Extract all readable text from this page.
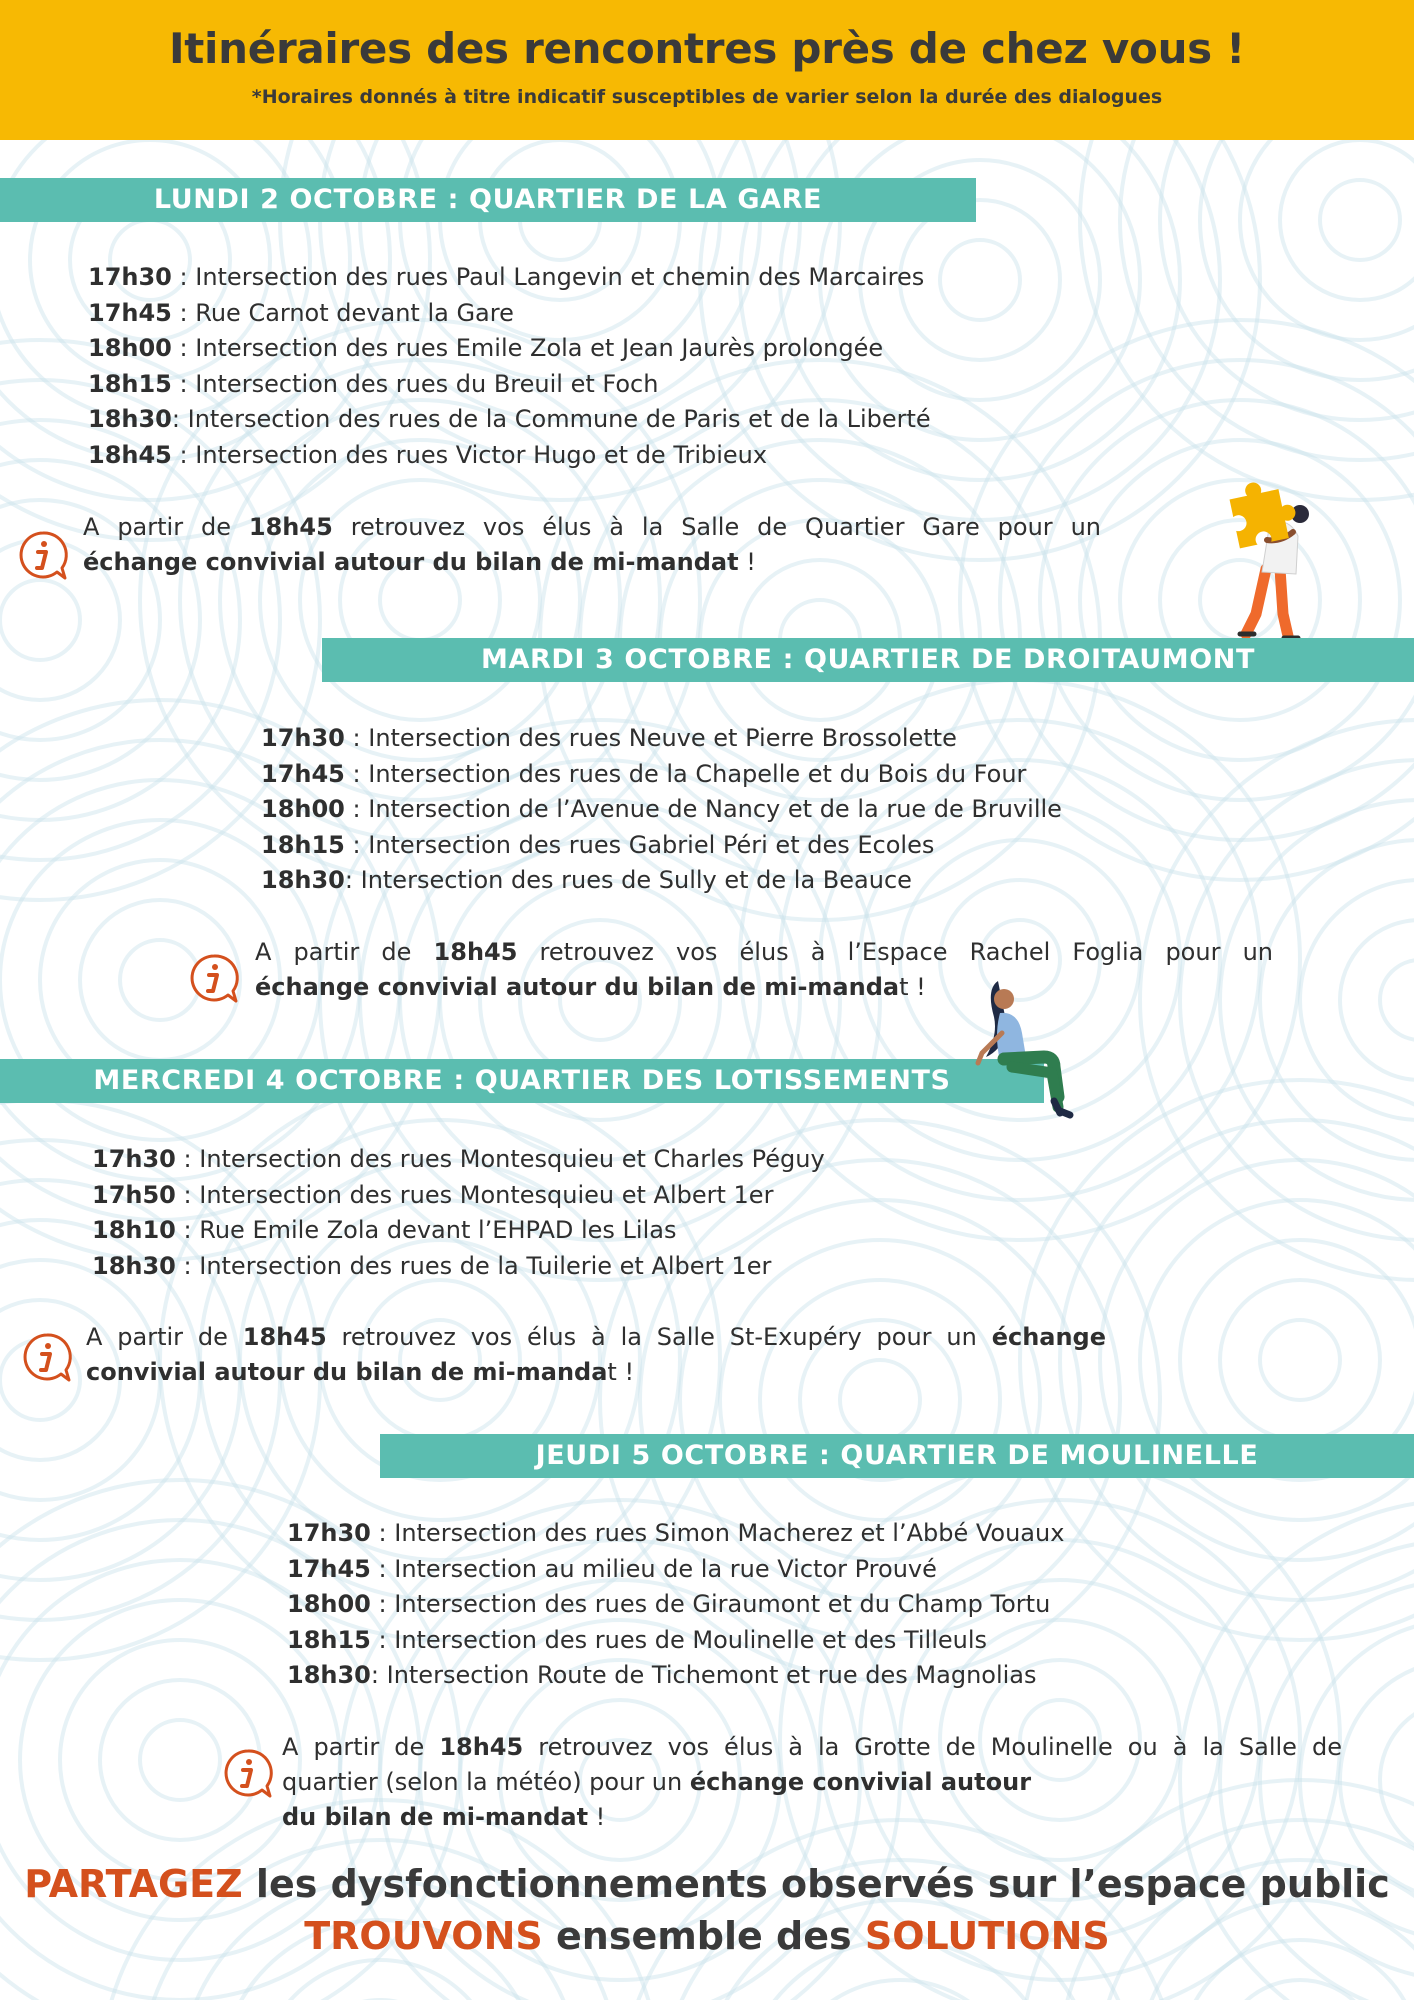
Itinéraires des rencontres près de chez vous !
*Horaires donnés à titre indicatif susceptibles de varier selon la durée des dialogues
LUNDI 2 OCTOBRE : QUARTIER DE LA GARE
17h30 : Intersection des rues Paul Langevin et chemin des Marcaires
17h45 : Rue Carnot devant la Gare
18h00 : Intersection des rues Emile Zola et Jean Jaurès prolongée
18h15 : Intersection des rues du Breuil et Foch
18h30: Intersection des rues de la Commune de Paris et de la Liberté
18h45 : Intersection des rues Victor Hugo et de Tribieux
A partir de 18h45 retrouvez vos élus à la Salle de Quartier Gare pour un
échange convivial autour du bilan de mi-mandat !
MARDI 3 OCTOBRE : QUARTIER DE DROITAUMONT
17h30 : Intersection des rues Neuve et Pierre Brossolette
17h45 : Intersection des rues de la Chapelle et du Bois du Four
18h00 : Intersection de l’Avenue de Nancy et de la rue de Bruville
18h15 : Intersection des rues Gabriel Péri et des Ecoles
18h30: Intersection des rues de Sully et de la Beauce
A partir de 18h45 retrouvez vos élus à l’Espace Rachel Foglia pour un
échange convivial autour du bilan de mi-mandat !
MERCREDI 4 OCTOBRE : QUARTIER DES LOTISSEMENTS
17h30 : Intersection des rues Montesquieu et Charles Péguy
17h50 : Intersection des rues Montesquieu et Albert 1er
18h10 : Rue Emile Zola devant l’EHPAD les Lilas
18h30 : Intersection des rues de la Tuilerie et Albert 1er
A partir de 18h45 retrouvez vos élus à la Salle St-Exupéry pour un échange
convivial autour du bilan de mi-mandat !
JEUDI 5 OCTOBRE : QUARTIER DE MOULINELLE
17h30 : Intersection des rues Simon Macherez et l’Abbé Vouaux
17h45 : Intersection au milieu de la rue Victor Prouvé
18h00 : Intersection des rues de Giraumont et du Champ Tortu
18h15 : Intersection des rues de Moulinelle et des Tilleuls
18h30: Intersection Route de Tichemont et rue des Magnolias
A partir de 18h45 retrouvez vos élus à la Grotte de Moulinelle ou à la Salle de
quartier (selon la météo) pour un échange convivial autour
du bilan de mi-mandat !
PARTAGEZ les dysfonctionnements observés sur l’espace public
TROUVONS ensemble des SOLUTIONS
